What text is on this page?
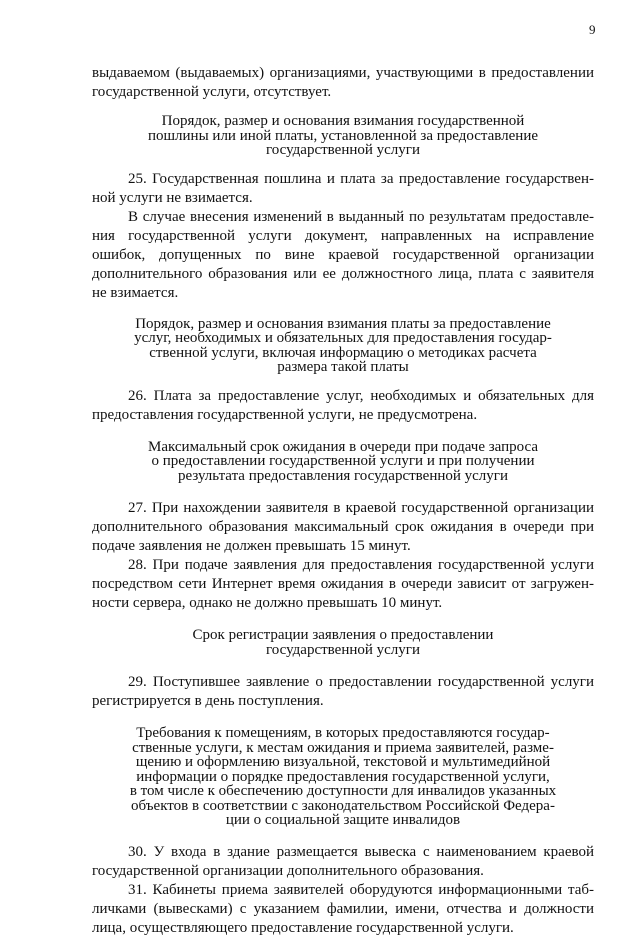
9

выдаваемом (выдаваемых) организациями, участвующими в предоставлении государственной услуги, отсутствует.

Порядок, размер и основания взимания государственной
пошлины или иной платы, установленной за предоставление
государственной услуги

25. Государственная пошлина и плата за предоставление государствен-ной услуги не взимается.

В случае внесения изменений в выданный по результатам предоставле-ния государственной услуги документ, направленных на исправление ошибок, допущенных по вине краевой государственной организации дополнительного образования или ее должностного лица, плата с заявителя не взимается.

Порядок, размер и основания взимания платы за предоставление
услуг, необходимых и обязательных для предоставления государ-
ственной услуги, включая информацию о методиках расчета
размера такой платы

26. Плата за предоставление услуг, необходимых и обязательных для предоставления государственной услуги, не предусмотрена.

Максимальный срок ожидания в очереди при подаче запроса
о предоставлении государственной услуги и при получении
результата предоставления государственной услуги

27. При нахождении заявителя в краевой государственной организации дополнительного образования максимальный срок ожидания в очереди при подаче заявления не должен превышать 15 минут.

28. При подаче заявления для предоставления государственной услуги посредством сети Интернет время ожидания в очереди зависит от загружен-ности сервера, однако не должно превышать 10 минут.

Срок регистрации заявления о предоставлении
государственной услуги

29. Поступившее заявление о предоставлении государственной услуги регистрируется в день поступления.

Требования к помещениям, в которых предоставляются государ-
ственные услуги, к местам ожидания и приема заявителей, разме-
щению и оформлению визуальной, текстовой и мультимедийной
информации о порядке предоставления государственной услуги,
в том числе к обеспечению доступности для инвалидов указанных
объектов в соответствии с законодательством Российской Федера-
ции о социальной защите инвалидов

30. У входа в здание размещается вывеска с наименованием краевой государственной организации дополнительного образования.

31. Кабинеты приема заявителей оборудуются информационными таб-личками (вывесками) с указанием фамилии, имени, отчества и должности лица, осуществляющего предоставление государственной услуги.
